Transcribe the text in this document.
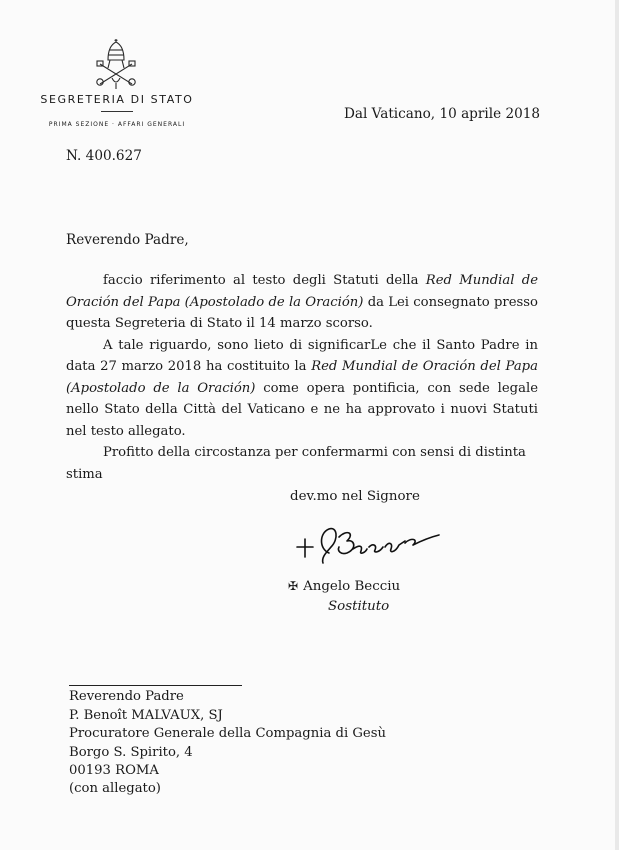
SEGRETERIA DI STATO
PRIMA SEZIONE · AFFARI GENERALI
Dal Vaticano, 10 aprile 2018
N. 400.627
Reverendo Padre,

faccio riferimento al testo degli Statuti della Red Mundial de Oración del Papa (Apostolado de la Oración) da Lei consegnato presso questa Segreteria di Stato il 14 marzo scorso.

A tale riguardo, sono lieto di significarLe che il Santo Padre in data 27 marzo 2018 ha costituito la Red Mundial de Oración del Papa (Apostolado de la Oración) come opera pontificia, con sede legale nello Stato della Città del Vaticano e ne ha approvato i nuovi Statuti nel testo allegato.

Profitto della circostanza per confermarmi con sensi di distinta stima

dev.mo nel Signore
✠ Angelo Becciu
Sostituto
Reverendo Padre
P. Benoît MALVAUX, SJ
Procuratore Generale della Compagnia di Gesù
Borgo S. Spirito, 4
00193 ROMA
(con allegato)
